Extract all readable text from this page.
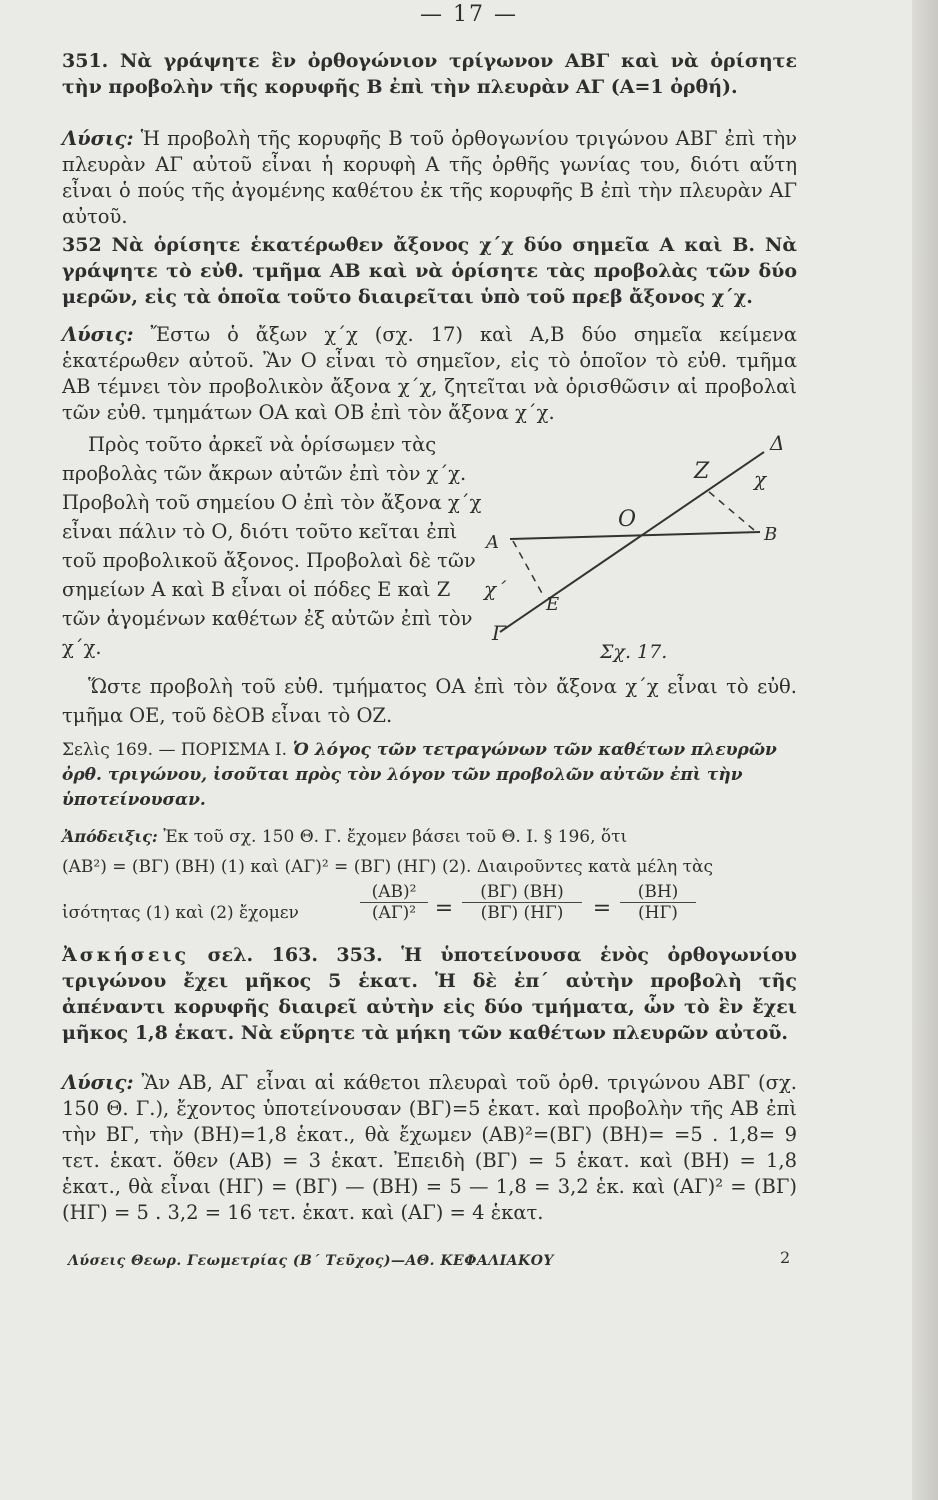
— 17 —

351. Νὰ γράψητε ἓν ὀρθογώνιον τρίγωνον ΑΒΓ καὶ νὰ ὁρίσητε τὴν προβολὴν τῆς κορυφῆς Β ἐπὶ τὴν πλευρὰν ΑΓ (Α=1 ὀρθή).

Λύσις: Ἡ προβολὴ τῆς κορυφῆς Β τοῦ ὀρθογωνίου τριγώνου ΑΒΓ ἐπὶ τὴν πλευρὰν ΑΓ αὐτοῦ εἶναι ἡ κορυφὴ Α τῆς ὀρθῆς γωνίας του, διότι αὕτη εἶναι ὁ πούς τῆς ἀγομένης καθέτου ἐκ τῆς κορυφῆς Β ἐπὶ τὴν πλευρὰν ΑΓ αὐτοῦ.

352 Νὰ ὁρίσητε ἑκατέρωθεν ἄξονος χ΄χ δύο σημεῖα Α καὶ Β. Νὰ γράψητε τὸ εὐθ. τμῆμα ΑΒ καὶ νὰ ὁρίσητε τὰς προβολὰς τῶν δύο μερῶν, εἰς τὰ ὁποῖα τοῦτο διαιρεῖται ὑπὸ τοῦ πρεβ ἄξονος χ΄χ.

Λύσις: Ἔστω ὁ ἄξων χ΄χ (σχ. 17) καὶ Α,Β δύο σημεῖα κείμενα ἑκατέρωθεν αὐτοῦ. Ἂν Ο εἶναι τὸ σημεῖον, εἰς τὸ ὁποῖον τὸ εὐθ. τμῆμα ΑΒ τέμνει τὸν προβολικὸν ἄξονα χ΄χ, ζητεῖται νὰ ὁρισθῶσιν αἱ προβολαὶ τῶν εὐθ. τμημάτων ΟΑ καὶ ΟΒ ἐπὶ τὸν ἄξονα χ΄χ.

Πρὸς τοῦτο ἀρκεῖ νὰ ὁρίσωμεν τὰς προβολὰς τῶν ἄκρων αὐτῶν ἐπὶ τὸν χ΄χ. Προβολὴ τοῦ σημείου Ο ἐπὶ τὸν ἄξονα χ΄χ εἶναι πάλιν τὸ Ο, διότι τοῦτο κεῖται ἐπὶ τοῦ προβολικοῦ ἄξονος. Προβολαὶ δὲ τῶν σημείων Α καὶ Β εἶναι οἱ πόδες Ε καὶ Ζ τῶν ἀγομένων καθέτων ἐξ αὐτῶν ἐπὶ τὸν χ΄χ.

Α	Β
Ο
Ε
Ζ
Δ
χ
χ΄
Γ
Σχ. 17.

Ὥστε προβολὴ τοῦ εὐθ. τμήματος ΟΑ ἐπὶ τὸν ἄξονα χ΄χ εἶναι τὸ εὐθ. τμῆμα ΟΕ, τοῦ δὲΟΒ εἶναι τὸ ΟΖ.

Σελὶς 169. — ΠΟΡΙΣΜΑ Ι. Ὁ λόγος τῶν τετραγώνων τῶν καθέτων πλευρῶν ὀρθ. τριγώνου, ἰσοῦται πρὸς τὸν λόγον τῶν προβολῶν αὐτῶν ἐπὶ τὴν ὑποτείνουσαν.

Ἀπόδειξις: Ἐκ τοῦ σχ. 150 Θ. Γ. ἔχομεν βάσει τοῦ Θ. Ι. § 196, ὅτι

(ΑΒ²) = (ΒΓ) (ΒΗ) (1) καὶ (ΑΓ)² = (ΒΓ) (ΗΓ) (2). Διαιροῦντες κατὰ μέλη τὰς

ἰσότητας (1) καὶ (2) ἔχομεν	$\frac{\text{(ΑΒ)²}}{\text{(ΑΓ)²}} = \frac{(B\Gamma) (BH)}{(B\Gamma) (H\Gamma)} = \frac{(BH)}{(H\Gamma)}$

Ἀσκήσεις σελ. 163. 353. Ἡ ὑποτείνουσα ἑνὸς ὀρθογωνίου τριγώνου ἔχει μῆκος 5 ἑκατ. Ἡ δὲ ἐπ΄ αὐτὴν προβολὴ τῆς ἀπέναντι κορυφῆς διαιρεῖ αὐτὴν εἰς δύο τμήματα, ὧν τὸ ἓν ἔχει μῆκος 1,8 ἑκατ. Νὰ εὕρητε τὰ μήκη τῶν καθέτων πλευρῶν αὐτοῦ.

Λύσις: Ἂν ΑΒ, ΑΓ εἶναι αἱ κάθετοι πλευραὶ τοῦ ὀρθ. τριγώνου ΑΒΓ (σχ. 150 Θ. Γ.), ἔχοντος ὑποτείνουσαν (ΒΓ)=5 ἑκατ. καὶ προβολὴν τῆς ΑΒ ἐπὶ τὴν ΒΓ, τὴν (ΒΗ)=1,8 ἑκατ., θὰ ἔχωμεν (ΑΒ)²=(ΒΓ) (ΒΗ)= =5 . 1,8= 9 τετ. ἑκατ. ὅθεν (ΑΒ) = 3 ἑκατ. Ἐπειδὴ (ΒΓ) = 5 ἑκατ. καὶ (ΒΗ) = 1,8 ἑκατ., θὰ εἶναι (ΗΓ) = (ΒΓ) — (ΒΗ) = 5 — 1,8 = 3,2 ἑκ. καὶ (ΑΓ)² = (ΒΓ) (ΗΓ) = 5 . 3,2 = 16 τετ. ἑκατ. καὶ (ΑΓ) = 4 ἑκατ.

Λύσεις Θεωρ. Γεωμετρίας (Β΄ Τεῦχος)—ΑΘ. ΚΕΦΑΛΙΑΚΟΥ	2
